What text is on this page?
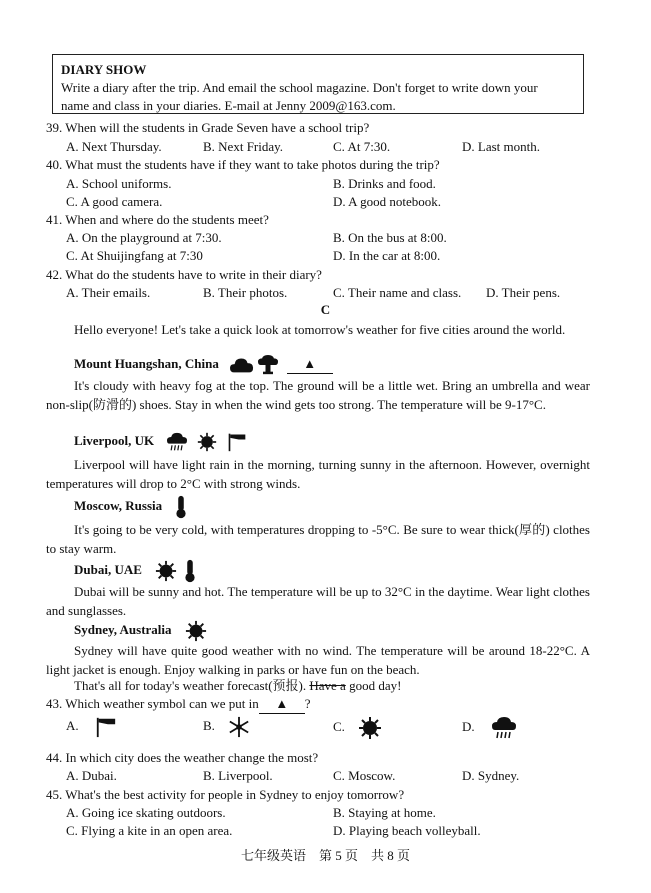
DIARY SHOW
Write a diary after the trip. And email the school magazine. Don't forget to write down your
name and class in your diaries. E-mail at Jenny 2009@163.com.
39. When will the students in Grade Seven have a school trip?
A. Next Thursday.	B. Next Friday.	C. At 7:30.	D. Last month.
40. What must the students have if they want to take photos during the trip?
A. School uniforms.	B. Drinks and food.
C. A good camera.	D. A good notebook.
41. When and where do the students meet?
A. On the playground at 7:30.	B. On the bus at 8:00.
C. At Shuijingfang at 7:30	D. In the car at 8:00.
42. What do the students have to write in their diary?
A. Their emails.	B. Their photos.	C. Their name and class. D. Their pens.
C
Hello everyone! Let's take a quick look at tomorrow's weather for five cities around the world.
Mount Huangshan, China	▲
It's cloudy with heavy fog at the top. The ground will be a little wet. Bring an umbrella and wear non-slip(防滑的) shoes. Stay in when the wind gets too strong. The temperature will be 9-17°C.
Liverpool, UK
Liverpool will have light rain in the morning, turning sunny in the afternoon. However, overnight temperatures will drop to 2°C with strong winds.
Moscow, Russia
It's going to be very cold, with temperatures dropping to -5°C. Be sure to wear thick(厚的) clothes to stay warm.
Dubai, UAE
Dubai will be sunny and hot. The temperature will be up to 32°C in the daytime. Wear light clothes and sunglasses.
Sydney, Australia
Sydney will have quite good weather with no wind. The temperature will be around 18-22°C. A light jacket is enough. Enjoy walking in parks or have fun on the beach.
That's all for today's weather forecast(预报). Have a good day!
43. Which weather symbol can we put in ▲ ?
A.	B.	C.	D.
44. In which city does the weather change the most?
A. Dubai.	B. Liverpool.	C. Moscow.	D. Sydney.
45. What's the best activity for people in Sydney to enjoy tomorrow?
A. Going ice skating outdoors.	B. Staying at home.
C. Flying a kite in an open area.	D. Playing beach volleyball.
七年级英语　第 5 页　共 8 页
